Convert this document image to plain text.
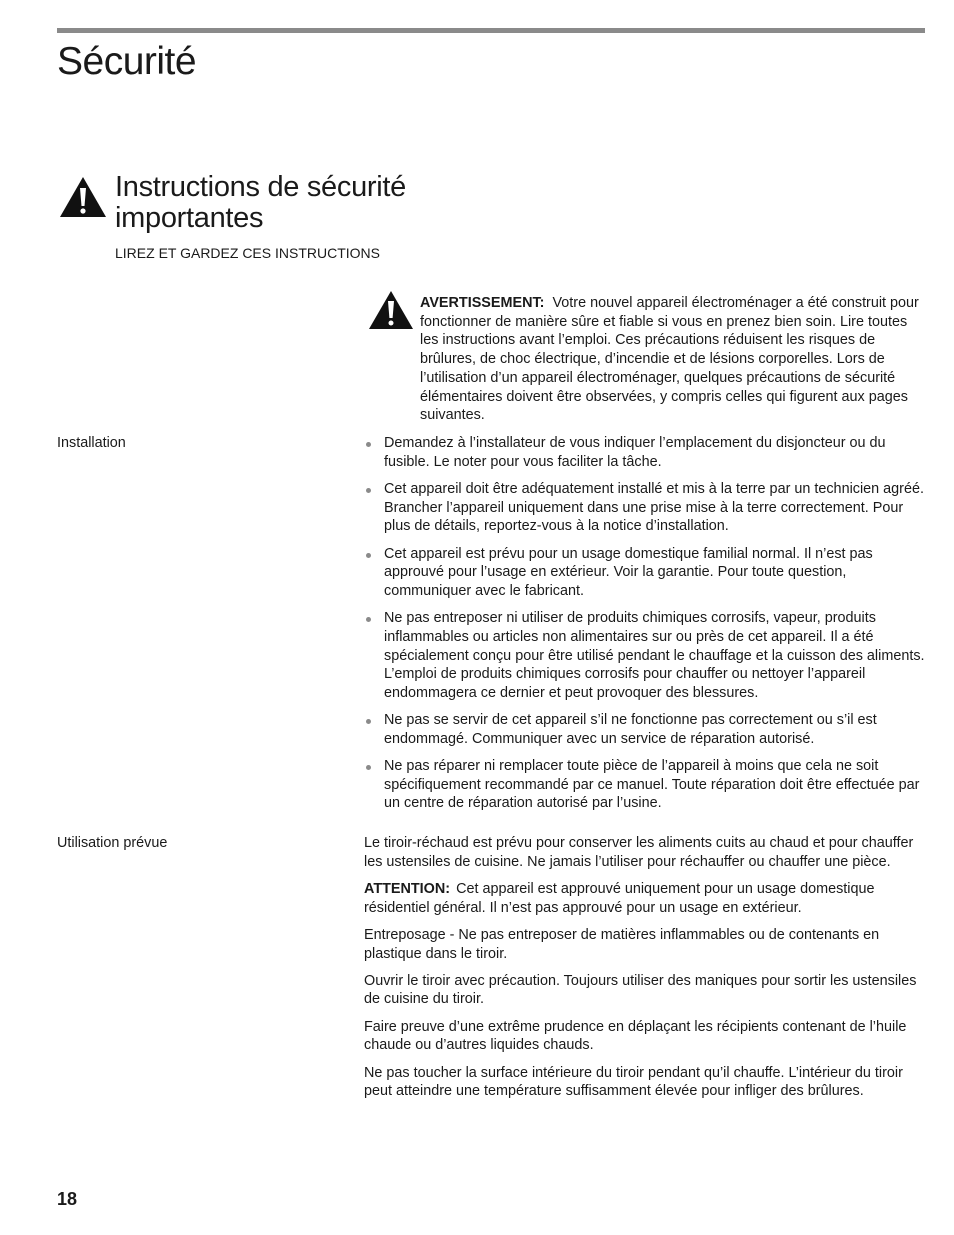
Sécurité
Instructions de sécurité
importantes
LIREZ ET GARDEZ CES INSTRUCTIONS
AVERTISSEMENT: Votre nouvel appareil électroménager a été construit pour fonctionner de manière sûre et fiable si vous en prenez bien soin. Lire toutes les instructions avant l’emploi. Ces précautions réduisent les risques de brûlures, de choc électrique, d’incendie et de lésions corporelles. Lors de l’utilisation d’un appareil électroménager, quelques précautions de sécurité élémentaires doivent être observées, y compris celles qui figurent aux pages suivantes.
Installation	Demandez à l’installateur de vous indiquer l’emplacement du disjoncteur ou du fusible. Le noter pour vous faciliter la tâche.
Cet appareil doit être adéquatement installé et mis à la terre par un technicien agréé. Brancher l’appareil uniquement dans une prise mise à la terre correctement. Pour plus de détails, reportez-vous à la notice d’installation.
Cet appareil est prévu pour un usage domestique familial normal. Il n’est pas approuvé pour l’usage en extérieur. Voir la garantie. Pour toute question, communiquer avec le fabricant.
Ne pas entreposer ni utiliser de produits chimiques corrosifs, vapeur, produits inflammables ou articles non alimentaires sur ou près de cet appareil. Il a été spécialement conçu pour être utilisé pendant le chauffage et la cuisson des aliments. L’emploi de produits chimiques corrosifs pour chauffer ou nettoyer l’appareil endommagera ce dernier et peut provoquer des blessures.
Ne pas se servir de cet appareil s’il ne fonctionne pas correctement ou s’il est endommagé. Communiquer avec un service de réparation autorisé.
Ne pas réparer ni remplacer toute pièce de l’appareil à moins que cela ne soit spécifiquement recommandé par ce manuel. Toute réparation doit être effectuée par un centre de réparation autorisé par l’usine.
Utilisation prévue	Le tiroir-réchaud est prévu pour conserver les aliments cuits au chaud et pour chauffer les ustensiles de cuisine. Ne jamais l’utiliser pour réchauffer ou chauffer une pièce.

ATTENTION: Cet appareil est approuvé uniquement pour un usage domestique résidentiel général. Il n’est pas approuvé pour un usage en extérieur.

Entreposage - Ne pas entreposer de matières inflammables ou de contenants en plastique dans le tiroir.

Ouvrir le tiroir avec précaution. Toujours utiliser des maniques pour sortir les ustensiles de cuisine du tiroir.

Faire preuve d’une extrême prudence en déplaçant les récipients contenant de l’huile chaude ou d’autres liquides chauds.

Ne pas toucher la surface intérieure du tiroir pendant qu’il chauffe. L’intérieur du tiroir peut atteindre une température suffisamment élevée pour infliger des brûlures.

18
